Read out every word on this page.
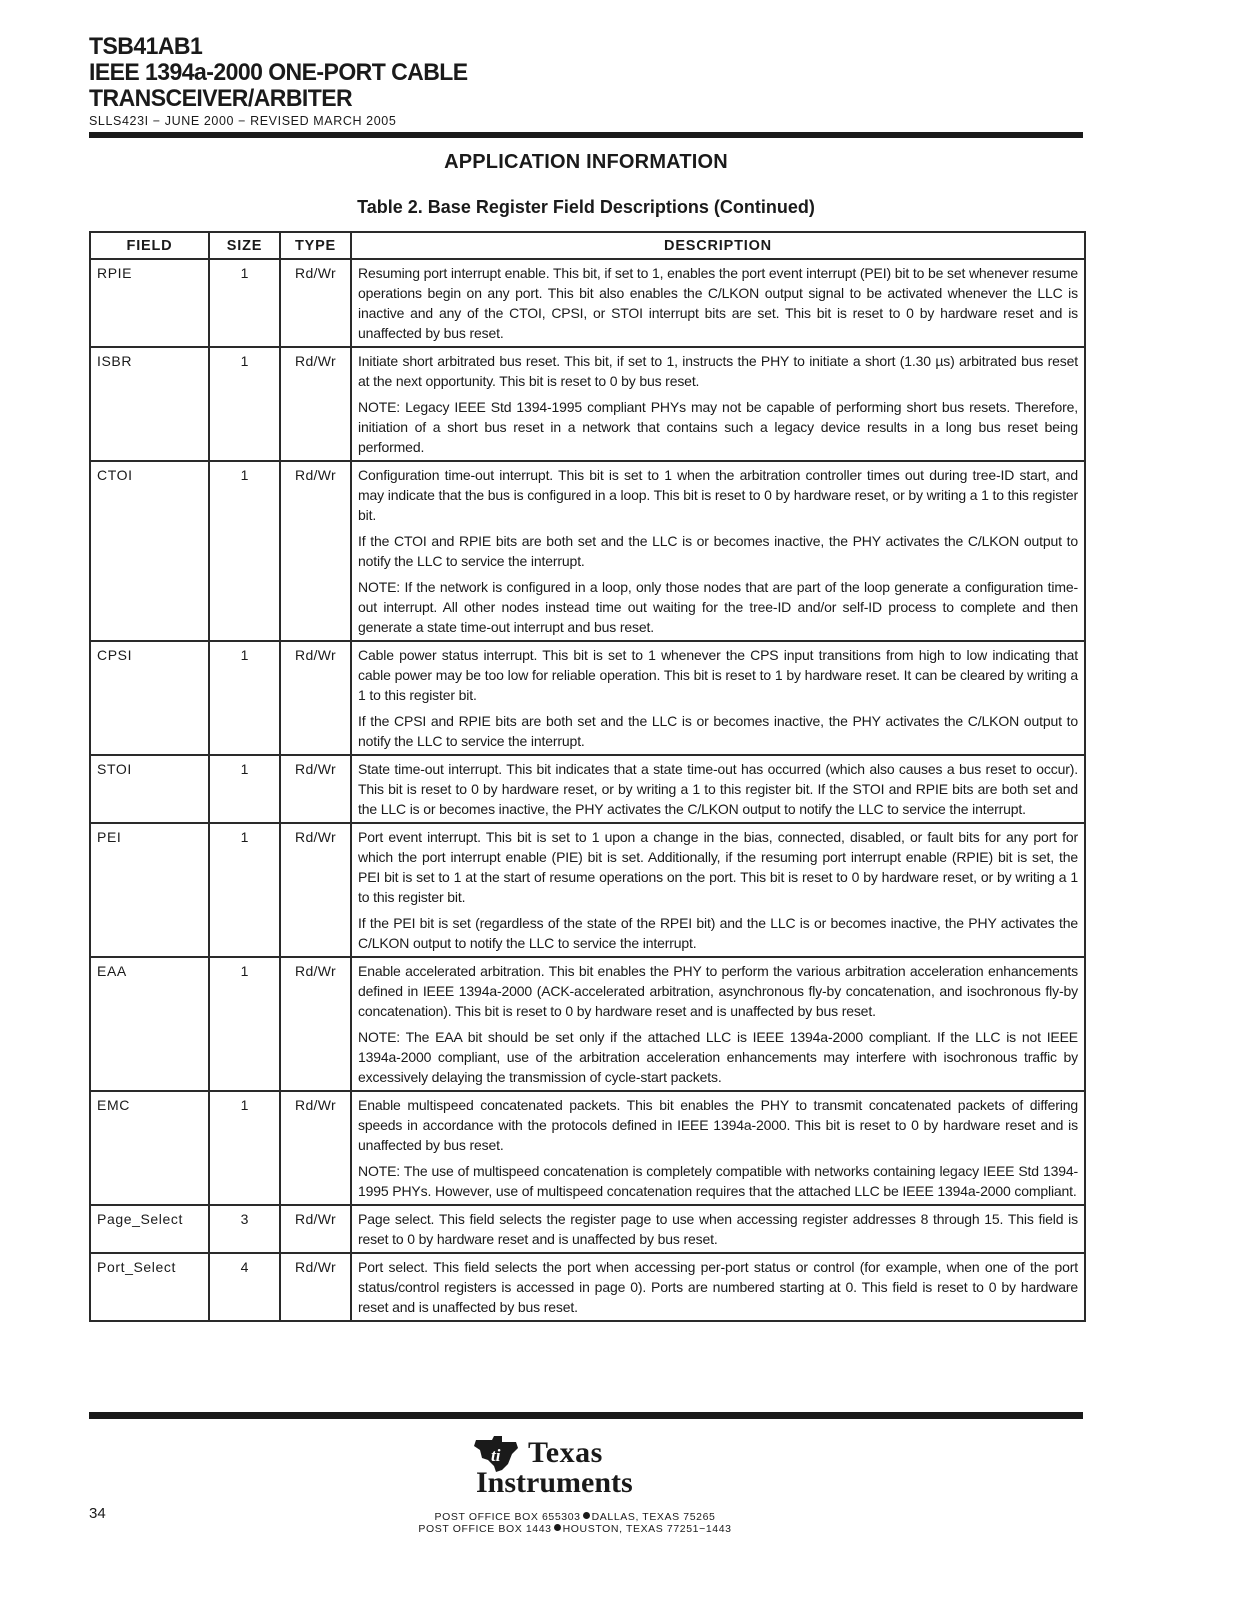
TSB41AB1
IEEE 1394a-2000 ONE-PORT CABLE
TRANSCEIVER/ARBITER
SLLS423I − JUNE 2000 − REVISED MARCH 2005
APPLICATION INFORMATION
Table 2. Base Register Field Descriptions (Continued)
FIELD	SIZE	TYPE	DESCRIPTION
RPIE	1	Rd/Wr	Resuming port interrupt enable. This bit, if set to 1, enables the port event interrupt (PEI) bit to be set whenever resume operations begin on any port. This bit also enables the C/LKON output signal to be activated whenever the LLC is inactive and any of the CTOI, CPSI, or STOI interrupt bits are set. This bit is reset to 0 by hardware reset and is unaffected by bus reset.

ISBR	1	Rd/Wr	Initiate short arbitrated bus reset. This bit, if set to 1, instructs the PHY to initiate a short (1.30 µs) arbitrated bus reset at the next opportunity. This bit is reset to 0 by bus reset.

NOTE: Legacy IEEE Std 1394-1995 compliant PHYs may not be capable of performing short bus resets. Therefore, initiation of a short bus reset in a network that contains such a legacy device results in a long bus reset being performed.

CTOI	1	Rd/Wr	Configuration time-out interrupt. This bit is set to 1 when the arbitration controller times out during tree-ID start, and may indicate that the bus is configured in a loop. This bit is reset to 0 by hardware reset, or by writing a 1 to this register bit.

If the CTOI and RPIE bits are both set and the LLC is or becomes inactive, the PHY activates the C/LKON output to notify the LLC to service the interrupt.

NOTE: If the network is configured in a loop, only those nodes that are part of the loop generate a configuration time-out interrupt. All other nodes instead time out waiting for the tree-ID and/or self-ID process to complete and then generate a state time-out interrupt and bus reset.

CPSI	1	Rd/Wr	Cable power status interrupt. This bit is set to 1 whenever the CPS input transitions from high to low indicating that cable power may be too low for reliable operation. This bit is reset to 1 by hardware reset. It can be cleared by writing a 1 to this register bit.

If the CPSI and RPIE bits are both set and the LLC is or becomes inactive, the PHY activates the C/LKON output to notify the LLC to service the interrupt.

STOI	1	Rd/Wr	State time-out interrupt. This bit indicates that a state time-out has occurred (which also causes a bus reset to occur). This bit is reset to 0 by hardware reset, or by writing a 1 to this register bit. If the STOI and RPIE bits are both set and the LLC is or becomes inactive, the PHY activates the C/LKON output to notify the LLC to service the interrupt.

PEI	1	Rd/Wr	Port event interrupt. This bit is set to 1 upon a change in the bias, connected, disabled, or fault bits for any port for which the port interrupt enable (PIE) bit is set. Additionally, if the resuming port interrupt enable (RPIE) bit is set, the PEI bit is set to 1 at the start of resume operations on the port. This bit is reset to 0 by hardware reset, or by writing a 1 to this register bit.

If the PEI bit is set (regardless of the state of the RPEI bit) and the LLC is or becomes inactive, the PHY activates the C/LKON output to notify the LLC to service the interrupt.

EAA	1	Rd/Wr	Enable accelerated arbitration. This bit enables the PHY to perform the various arbitration acceleration enhancements defined in IEEE 1394a-2000 (ACK-accelerated arbitration, asynchronous fly-by concatenation, and isochronous fly-by concatenation). This bit is reset to 0 by hardware reset and is unaffected by bus reset.

NOTE: The EAA bit should be set only if the attached LLC is IEEE 1394a-2000 compliant. If the LLC is not IEEE 1394a-2000 compliant, use of the arbitration acceleration enhancements may interfere with isochronous traffic by excessively delaying the transmission of cycle-start packets.

EMC	1	Rd/Wr	Enable multispeed concatenated packets. This bit enables the PHY to transmit concatenated packets of differing speeds in accordance with the protocols defined in IEEE 1394a-2000. This bit is reset to 0 by hardware reset and is unaffected by bus reset.

NOTE: The use of multispeed concatenation is completely compatible with networks containing legacy IEEE Std 1394-1995 PHYs. However, use of multispeed concatenation requires that the attached LLC be IEEE 1394a-2000 compliant.

Page_Select	3	Rd/Wr	Page select. This field selects the register page to use when accessing register addresses 8 through 15. This field is reset to 0 by hardware reset and is unaffected by bus reset.

Port_Select	4	Rd/Wr	Port select. This field selects the port when accessing per-port status or control (for example, when one of the port status/control registers is accessed in page 0). Ports are numbered starting at 0. This field is reset to 0 by hardware reset and is unaffected by bus reset.

ti Texas
Instruments
POST OFFICE BOX 655303 DALLAS, TEXAS 75265
POST OFFICE BOX 1443 HOUSTON, TEXAS 77251−1443
34
